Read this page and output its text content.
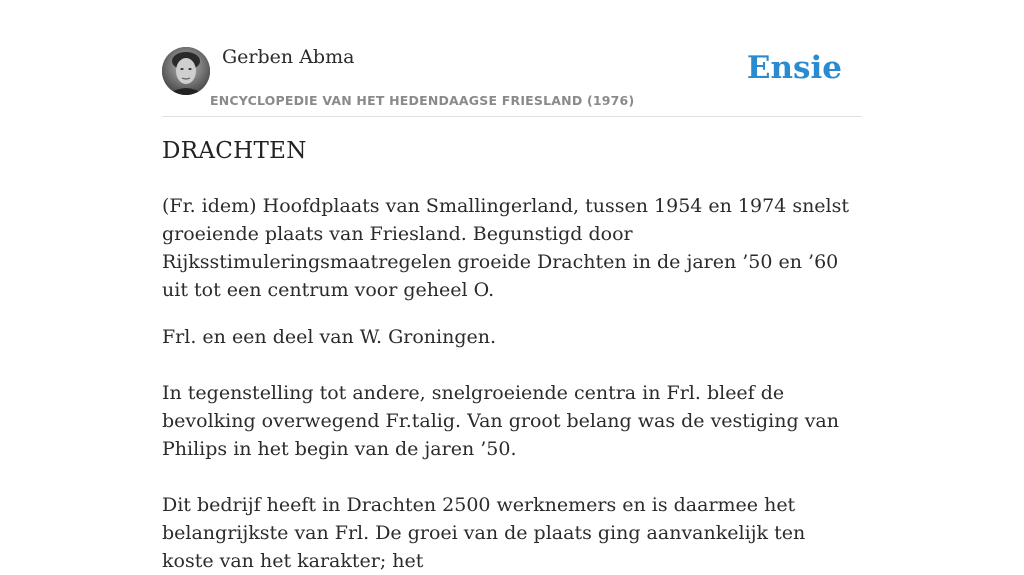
Gerben Abma
ENCYCLOPEDIE VAN HET HEDENDAAGSE FRIESLAND (1976)
Ensie
DRACHTEN

(Fr. idem) Hoofdplaats van Smallingerland, tussen 1954 en 1974 snelst groeiende plaats van Friesland. Begunstigd door Rijksstimuleringsmaatregelen groeide Drachten in de jaren ’50 en ’60 uit tot een centrum voor geheel O.

Frl. en een deel van W. Groningen.

In tegenstelling tot andere, snelgroeiende centra in Frl. bleef de bevolking overwegend Fr.talig. Van groot belang was de vestiging van Philips in het begin van de jaren ’50.

Dit bedrijf heeft in Drachten 2500 werknemers en is daarmee het belangrijkste van Frl. De groei van de plaats ging aanvankelijk ten koste van het karakter; het
